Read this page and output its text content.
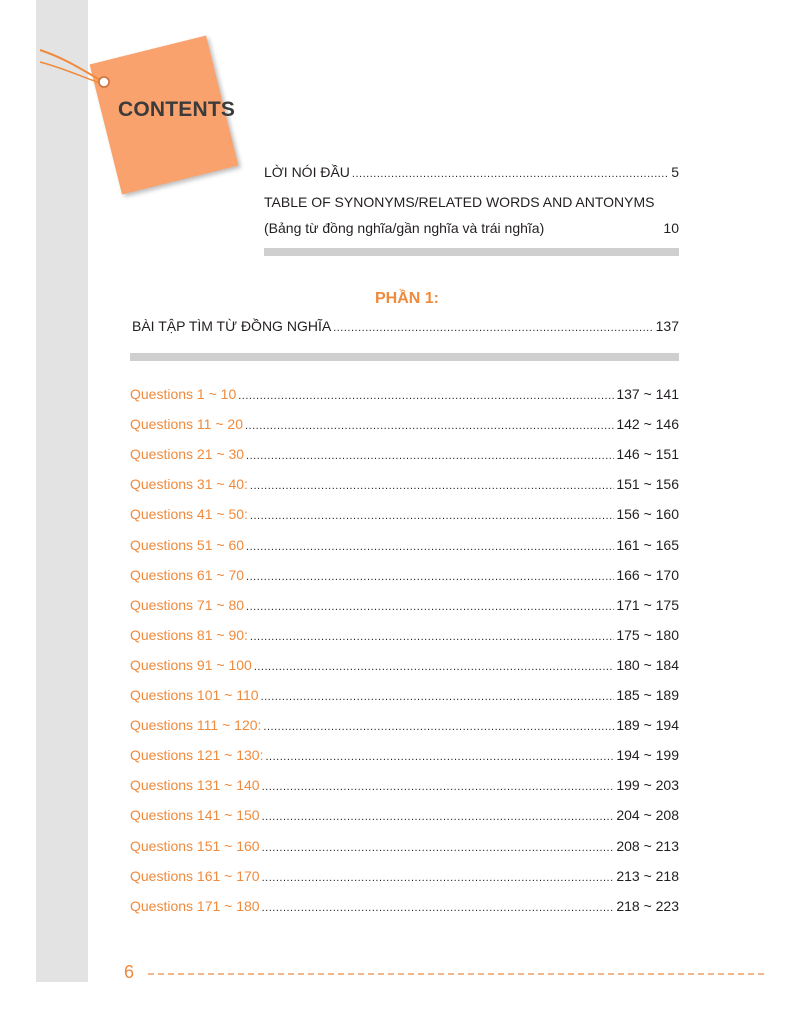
CONTENTS
LỜI NÓI ĐẦU .....	5
TABLE OF SYNONYMS/RELATED WORDS AND ANTONYMS
(Bảng từ đồng nghĩa/gần nghĩa và trái nghĩa)	10
PHẦN 1:
BÀI TẬP TÌM TỪ ĐỒNG NGHĨA .....	137
Questions 1 ~ 10 .....	137 ~ 141
Questions 11 ~ 20 .....	142 ~ 146
Questions 21 ~ 30 .....	146 ~ 151
Questions 31 ~ 40: .....	151 ~ 156
Questions 41 ~ 50: .....	156 ~ 160
Questions 51 ~ 60 .....	161 ~ 165
Questions 61 ~ 70 .....	166 ~ 170
Questions 71 ~ 80 .....	171 ~ 175
Questions 81 ~ 90: .....	175 ~ 180
Questions 91 ~ 100 .....	180 ~ 184
Questions 101 ~ 110 .....	185 ~ 189
Questions 111 ~ 120: .....	189 ~ 194
Questions 121 ~ 130: .....	194 ~ 199
Questions 131 ~ 140 .....	199 ~ 203
Questions 141 ~ 150 .....	204 ~ 208
Questions 151 ~ 160 .....	208 ~ 213
Questions 161 ~ 170 .....	213 ~ 218
Questions 171 ~ 180 .....	218 ~ 223
6
